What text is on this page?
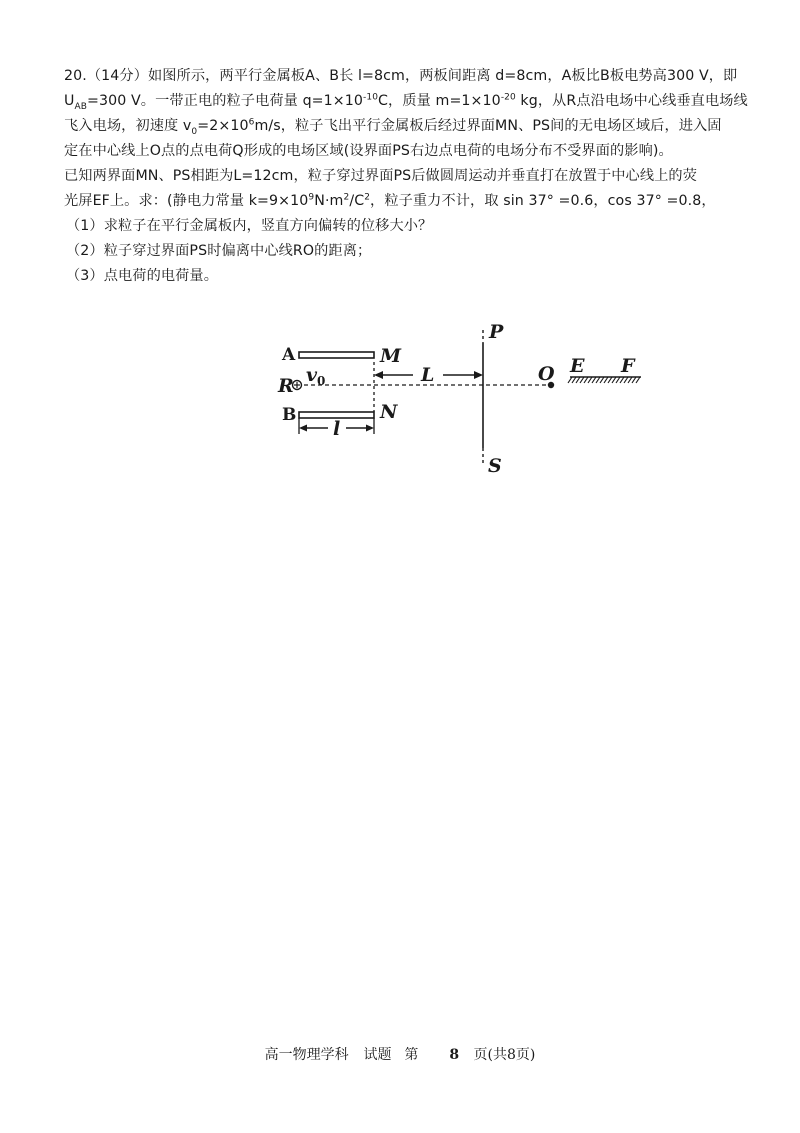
20.（14分）如图所示，两平行金属板A、B长 l=8cm，两板间距离 d=8cm，A板比B板电势高300 V，即
$U_{AB}=300$ V。一带正电的粒子电荷量 $q=1\times 10^{-10}C$，质量 $m=1\times 10^{-20}$ kg，从R点沿电场中心线垂直电场线
飞入电场，初速度 $v_0=2\times 10^6m/s$，粒子飞出平行金属板后经过界面MN、PS间的无电场区域后，进入固
定在中心线上O点的点电荷Q形成的电场区域(设界面PS右边点电荷的电场分布不受界面的影响)。
已知两界面MN、PS相距为L=12cm，粒子穿过界面PS后做圆周运动并垂直打在放置于中心线上的荧
光屏EF上。求：(静电力常量 $k=9\times 10^9N\cdot m^2/C^2$，粒子重力不计，取 sin 37° =0.6，cos 37° =0.8，
（1）求粒子在平行金属板内，竖直方向偏转的位移大小？
（2）粒子穿过界面PS时偏离中心线RO的距离；
（3）点电荷的电荷量。
A
B
R v 0
M
N
L
l
P
S
O E F
高一物理学科 试题 第 8 页(共8页)
